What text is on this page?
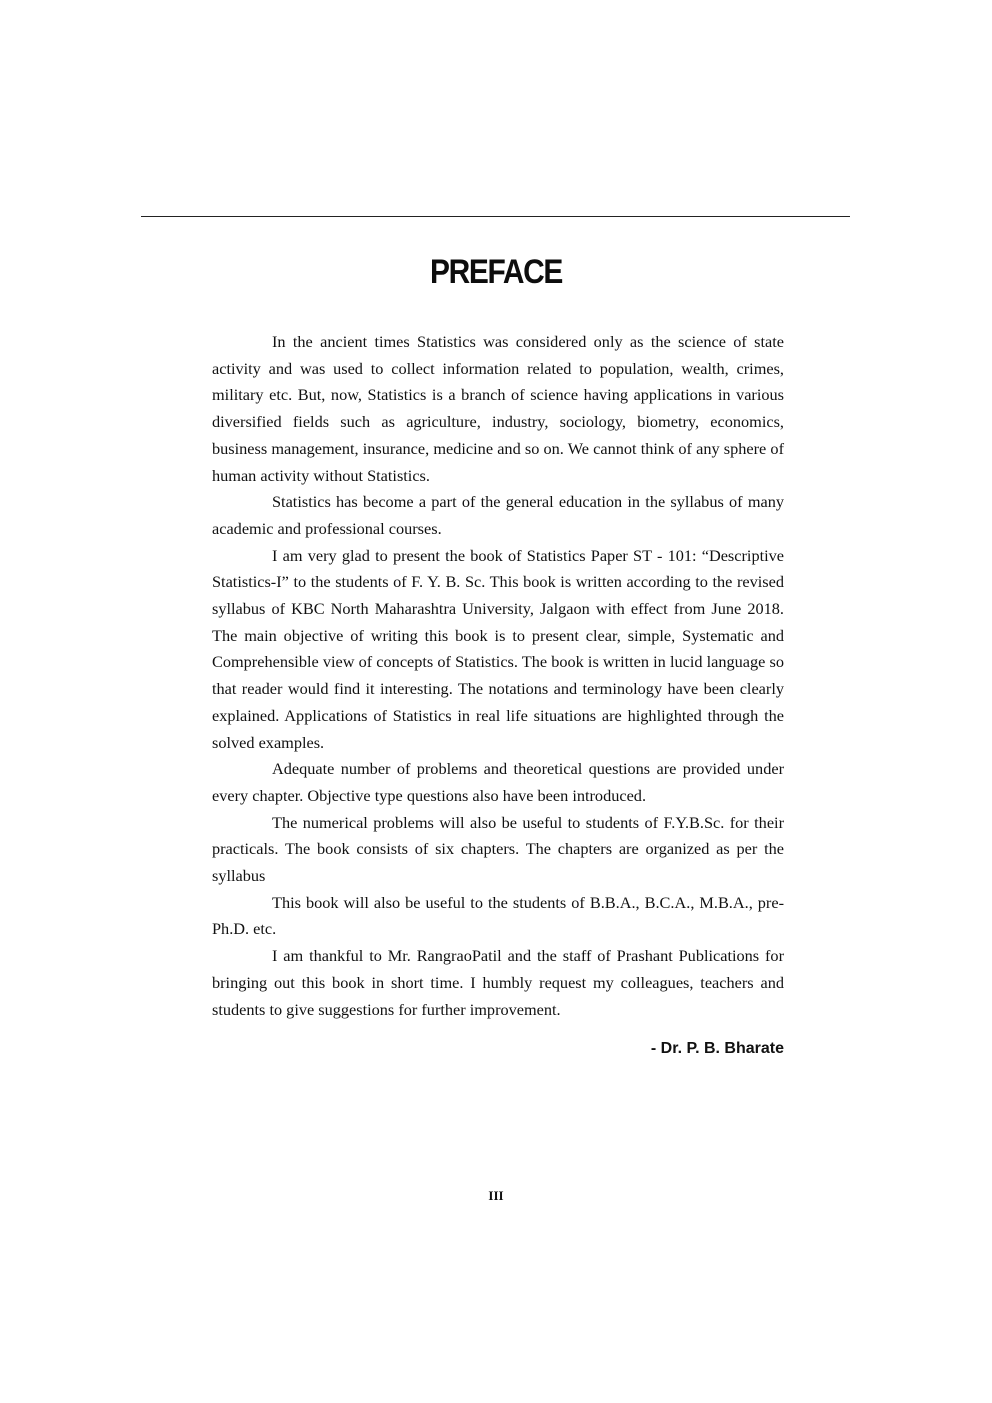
PREFACE

In the ancient times Statistics was considered only as the science of state activity and was used to collect information related to population, wealth, crimes, military etc. But, now, Statistics is a branch of science having applications in various diversified fields such as agriculture, industry, sociology, biometry, economics, business management, insurance, medicine and so on. We cannot think of any sphere of human activity without Statistics.

Statistics has become a part of the general education in the syllabus of many academic and professional courses.

I am very glad to present the book of Statistics Paper ST - 101: “Descriptive Statistics-I” to the students of F. Y. B. Sc. This book is written according to the revised syllabus of KBC North Maharashtra University, Jalgaon with effect from June 2018. The main objective of writing this book is to present clear, simple, Systematic and Comprehensible view of concepts of Statistics. The book is written in lucid language so that reader would find it interesting. The notations and terminology have been clearly explained. Applications of Statistics in real life situations are highlighted through the solved examples.

Adequate number of problems and theoretical questions are provided under every chapter. Objective type questions also have been introduced.

The numerical problems will also be useful to students of F.Y.B.Sc. for their practicals. The book consists of six chapters. The chapters are organized as per the syllabus

This book will also be useful to the students of B.B.A., B.C.A., M.B.A., pre-Ph.D. etc.

I am thankful to Mr. RangraoPatil and the staff of Prashant Publications for bringing out this book in short time. I humbly request my colleagues, teachers and students to give suggestions for further improvement.

- Dr. P. B. Bharate

III
